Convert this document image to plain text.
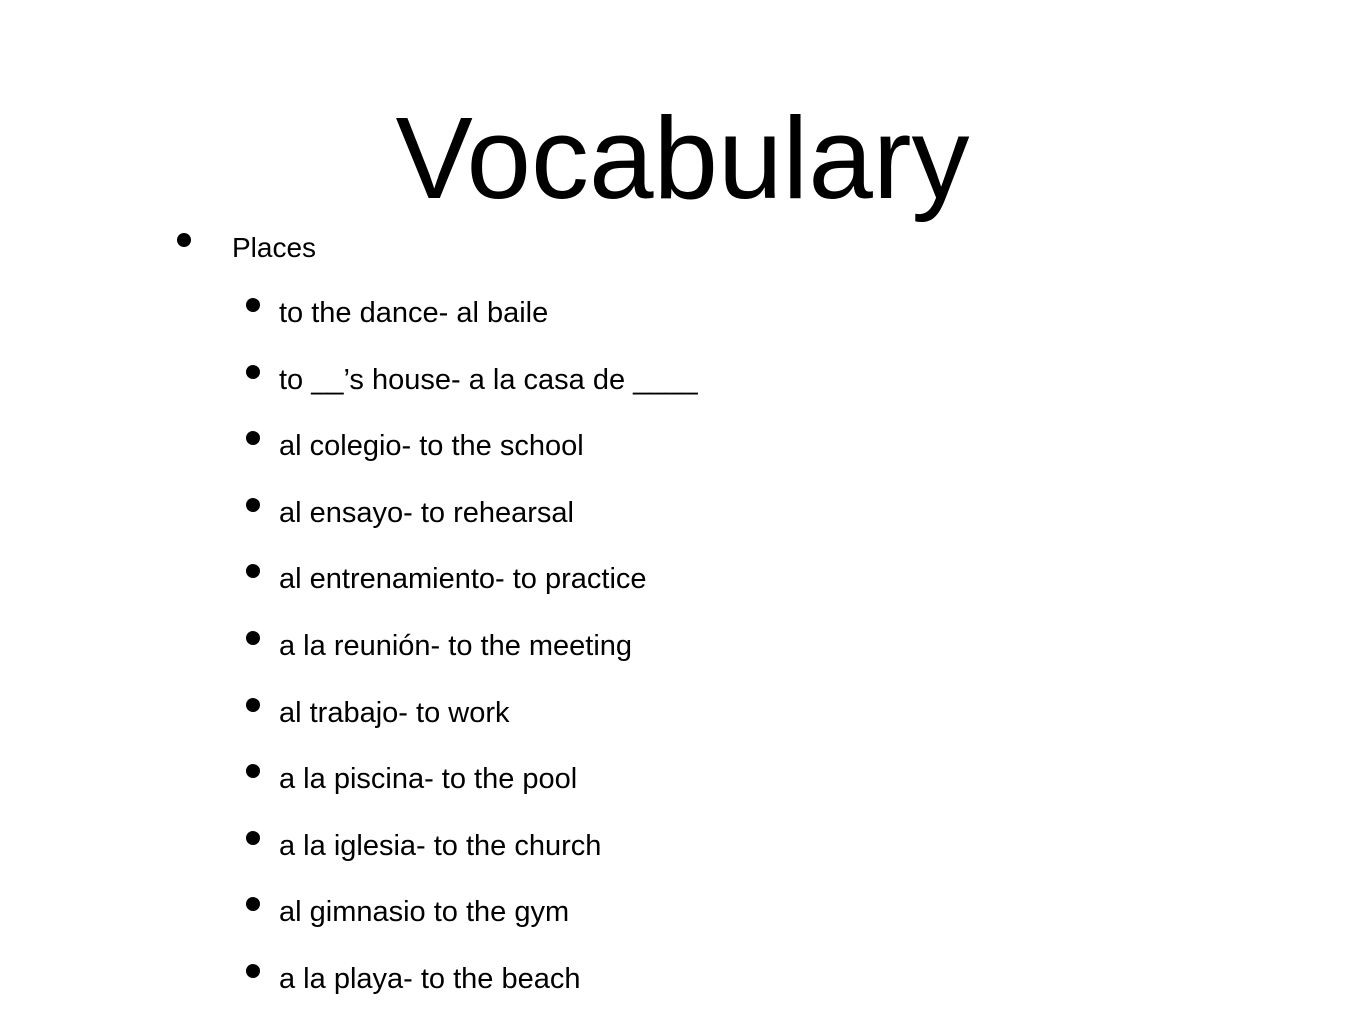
Vocabulary
Places
to the dance- al baile
to __’s house- a la casa de ____
al colegio- to the school
al ensayo- to rehearsal
al entrenamiento- to practice
a la reunión- to the meeting
al trabajo- to work
a la piscina- to the pool
a la iglesia- to the church
al gimnasio to the gym
a la playa- to the beach
